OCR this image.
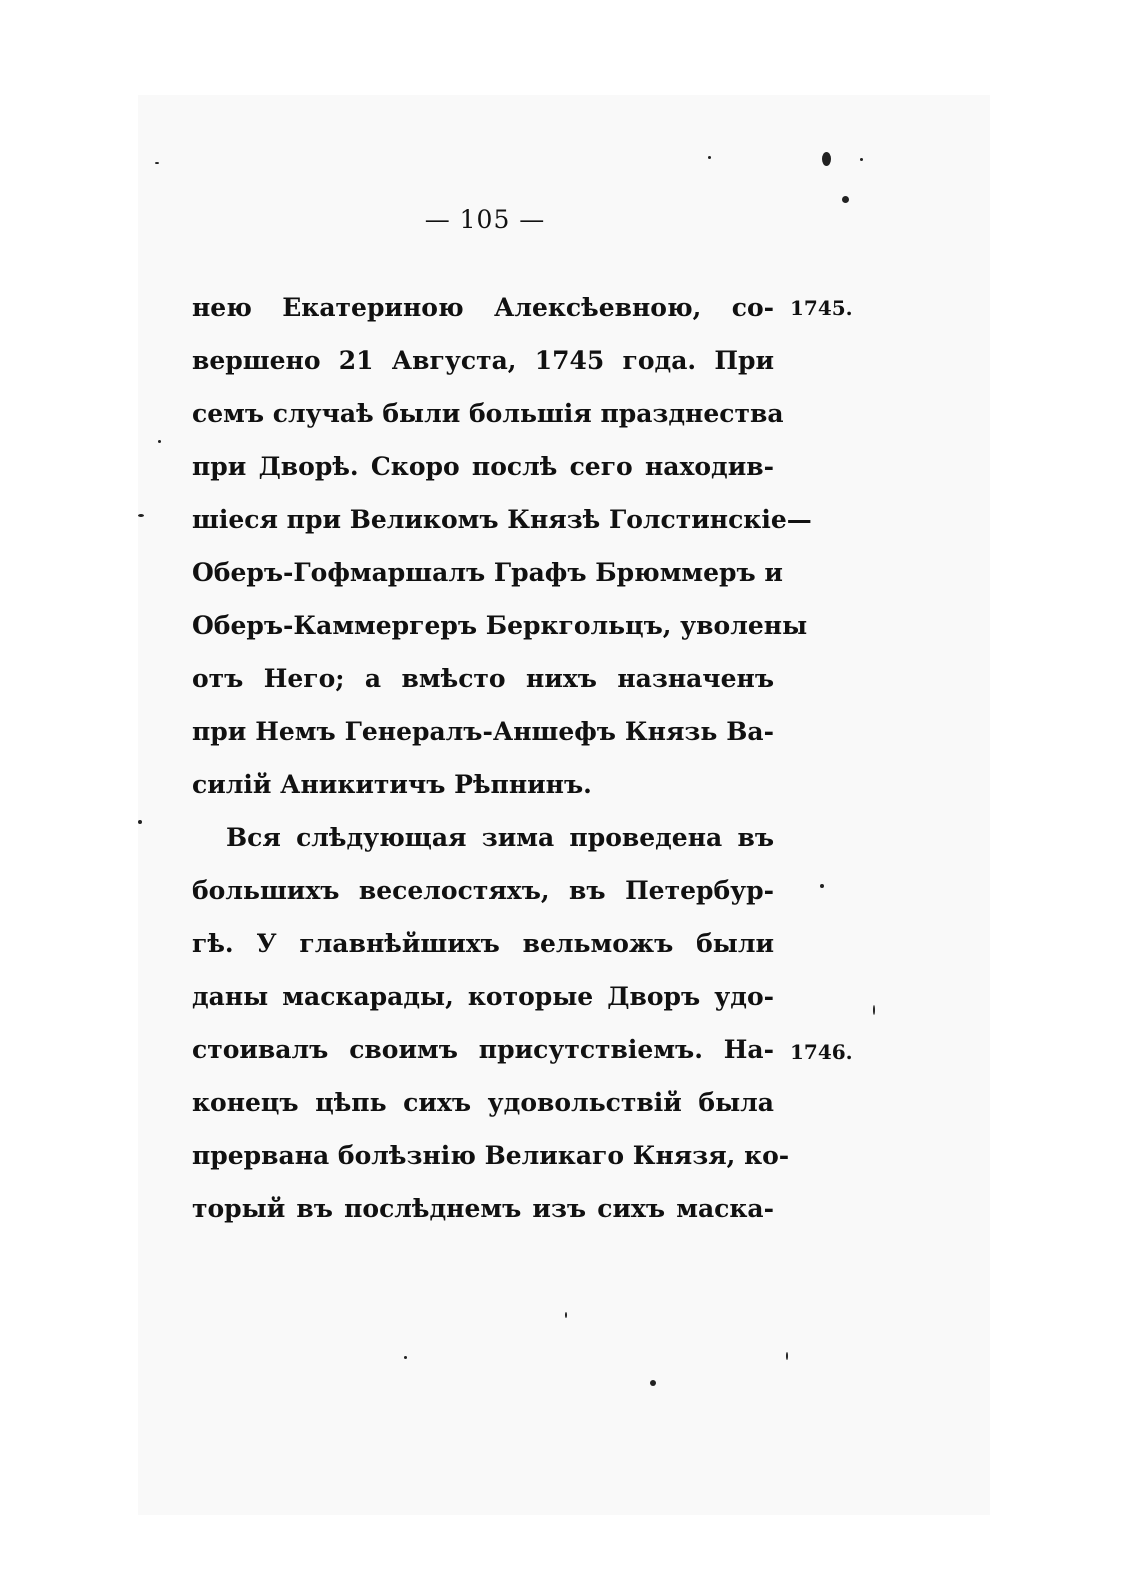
— 105 —
нею Екатериною Алексѣевною, со-
вершено 21 Августа, 1745 года. При
семъ случаѣ были большія празднества
при Дворѣ. Скоро послѣ сего находив-
шіеся при Великомъ Князѣ Голстинскіе—
Оберъ-Гофмаршалъ Графъ Брюммеръ и
Оберъ-Каммергеръ Беркгольцъ, уволены
отъ Него; а вмѣсто нихъ назначенъ
при Немъ Генералъ-Аншефъ Князь Ва-
силій Аникитичъ Рѣпнинъ.
Вся слѣдующая зима проведена въ
большихъ веселостяхъ, въ Петербур-
гѣ. У главнѣйшихъ вельможъ были
даны маскарады, которые Дворъ удо-
стоивалъ своимъ присутствіемъ. На-
конецъ цѣпь сихъ удовольствій была
прервана болѣзнію Великаго Князя, ко-
торый въ послѣднемъ изъ сихъ маска-
1745.
1746.
